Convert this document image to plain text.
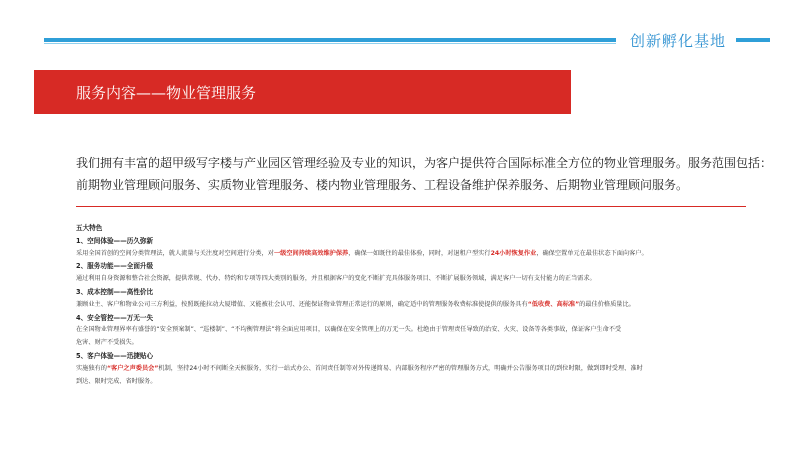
创新孵化基地
服务内容——物业管理服务

我们拥有丰富的超甲级写字楼与产业园区管理经验及专业的知识，为客户提供符合国际标准全方位的物业管理服务。服务范围包括：

前期物业管理顾问服务、实质物业管理服务、楼内物业管理服务、工程设备维护保养服务、后期物业管理顾问服务。

五大特色
1、空间体验——历久弥新
采用全国首创的空间分类管理法，就人流量与关注度对空间进行分类，对一级空间持续高效维护保养，确保一如既往的最佳体验，同时，对退租户型实行24小时恢复作业，确保空置单元在最佳状态下面向客户。
2、服务功能——全面升级
通过利用自身资源和整合社会资源，提供常规、代办、特约和专项等四大类别的服务，并且根据客户的变化不断扩充具体服务项目、不断扩展服务领域，满足客户一切有支付能力的正当需求。
3、成本控制——高性价比
兼顾业主、客户和物业公司三方利益，按照既能拉动大厦增值、又能被社会认可、还能保证物业管理正常运行的原则，确定适中的管理服务收费标准使提供的服务具有“低收费、高标准”的最佳价格质量比。
4、安全管控——万无一失
在全国物业管理界率有盛誉的“安全预案制”、“巡楼制”、“不均衡管理法”将全面应用项目，以确保在安全管理上的万无一失。杜绝由于管理责任导致的治安、火灾、设备等各类事故，保证客户生命不受
危害、财产不受损失。
5、客户体验——迅捷贴心
实施独有的“客户之声委员会”机制，坚持24小时不间断全天候服务，实行一站式办公、首问责任制等对外传递简易、内部服务程序严密的管理服务方式，明确并公告服务项目的到位时限，做到即时受理、准时
到达、限时完成、省时服务。
